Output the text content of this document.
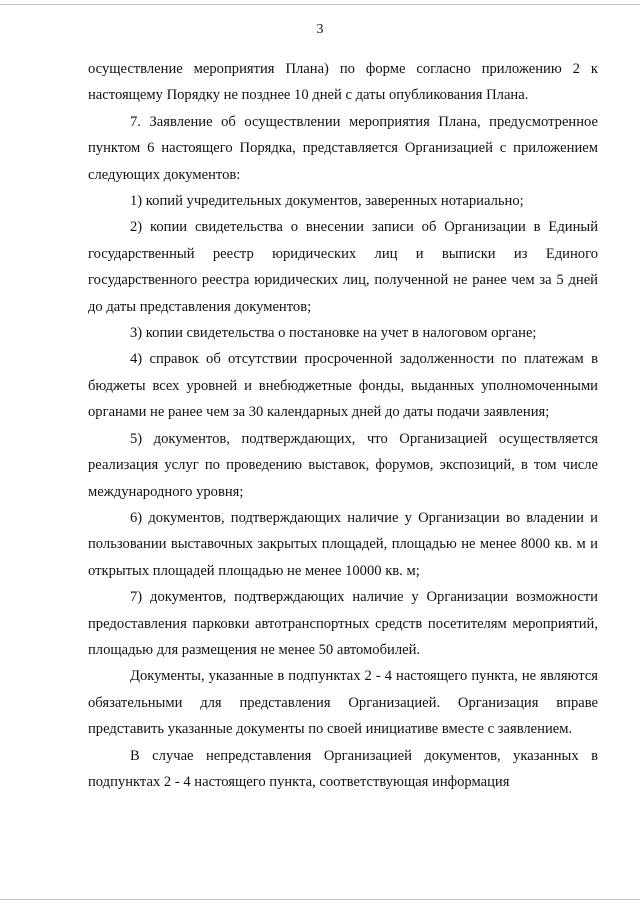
3

осуществление мероприятия Плана) по форме согласно приложению 2 к настоящему Порядку не позднее 10 дней с даты опубликования Плана.

7. Заявление об осуществлении мероприятия Плана, предусмотренное пунктом 6 настоящего Порядка, представляется Организацией с приложением следующих документов:

1) копий учредительных документов, заверенных нотариально;

2) копии свидетельства о внесении записи об Организации в Единый государственный реестр юридических лиц и выписки из Единого государственного реестра юридических лиц, полученной не ранее чем за 5 дней до даты представления документов;

3) копии свидетельства о постановке на учет в налоговом органе;

4) справок об отсутствии просроченной задолженности по платежам в бюджеты всех уровней и внебюджетные фонды, выданных уполномоченными органами не ранее чем за 30 календарных дней до даты подачи заявления;

5) документов, подтверждающих, что Организацией осуществляется реализация услуг по проведению выставок, форумов, экспозиций, в том числе международного уровня;

6) документов, подтверждающих наличие у Организации во владении и пользовании выставочных закрытых площадей, площадью не менее 8000 кв. м и открытых площадей площадью не менее 10000 кв. м;

7) документов, подтверждающих наличие у Организации возможности предоставления парковки автотранспортных средств посетителям мероприятий, площадью для размещения не менее 50 автомобилей.

Документы, указанные в подпунктах 2 - 4 настоящего пункта, не являются обязательными для представления Организацией. Организация вправе представить указанные документы по своей инициативе вместе с заявлением.

В случае непредставления Организацией документов, указанных в подпунктах 2 - 4 настоящего пункта, соответствующая информация
